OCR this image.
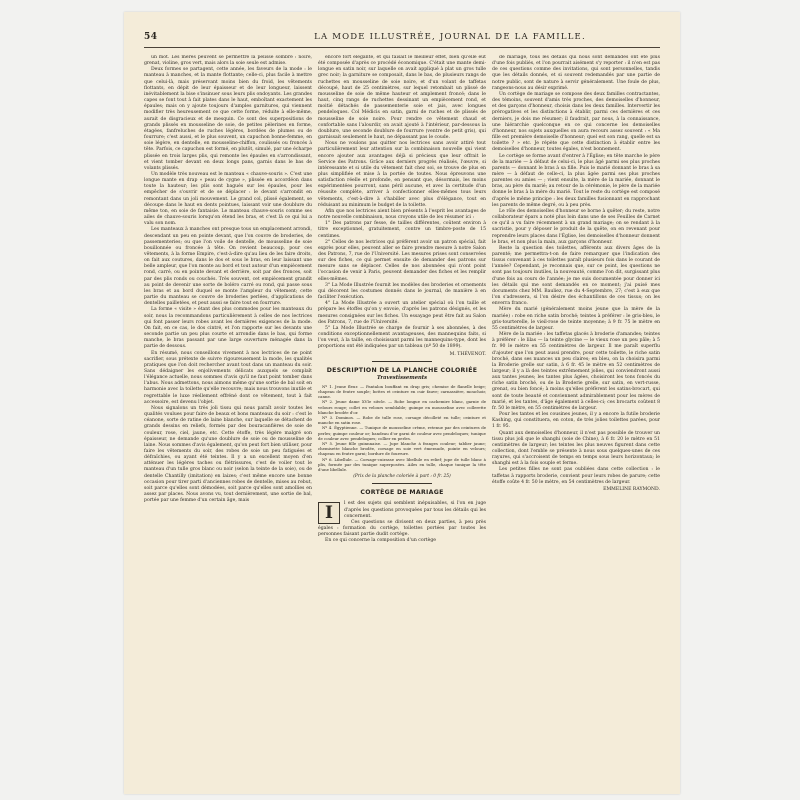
54	LA MODE ILLUSTRÉE, JOURNAL DE LA FAMILLE.

un mot. Les mères peuvent se permettre la pelisse sombre : noire, grenat, violine, gros vert, mais alors la soie seule est admise.

Deux formes se partagent, cette année, les faveurs de la mode : le manteau à manches, et la mante flottante; celle-ci, plus facile à mettre que celui-là, mais préservant moins bien du froid, les vêtements flottants, en dépit de leur épaisseur et de leur longueur, laissent inévitablement la bise s'insinuer sous leurs plis ondoyants. Les grandes capes se font tout à fait plates dans le haut, emboîtant exactement les épaules; mais on y ajoute toujours d'amples garnitures, qui viennent modifier très heureusement ce que cette forme, réduite à elle-même, aurait de disgracieux et de mesquin. Ce sont des superpositions de grands plissés en mousseline de soie, de petites pèlerines en forme, étagées, fanfreluches de ruches légères, bordées de plumes ou de fourrure; c'est aussi, et le plus souvent, un capuchon bonne-femme, en soie légère, en dentelle, en mousseline-chiffon, coulissés ou froncés à tête. Parfois, ce capuchon est formé, en plutôt, simulé, par une écharpe plissée en trois larges plis, qui remonte les épaules en s'arrondissant, et vient tomber devant en deux longs pans, garnis dans le bas de volants plissés.

Un modèle très nouveau est le manteau « chauve-souris ». C'est une longue mante en drap « peau de cygne », plissée en accordéon dans toute la hauteur; les plis sont bagués sur les épaules, pour les empêcher de s'ouvrir et de se déplacer : le devant s'arrondit en remontant dans un joli mouvement. Le grand col, plissé également, se découpe dans le haut en dents pointues, laissant voir une doublure du même ton, en soie de fantaisie. Le manteau chauve-souris comme ses ailes de chauve-souris lorsqu'on étend les bras, et c'est là ce qui lui a valu son nom.

Les manteaux à manches ont presque tous un emplacement arrondi, descendant un peu en pointe devant, que l'on couvre de broderies, de passementeries; ou que l'on voile de dentelle, de mousseline de soie bouillonnée ou froncée à tête. On revient beaucoup, pour ces vêtements, à la forme Empire, c'est-à-dire qu'au lieu de les faire droits, on fait aux coutures, dans le dos et sous le bras, en leur laissant une belle ampleur, que l'on monte au bord et tout autour d'un empiècement rond, carré, ou en pointe devant et derrière, soit par des fronces, soit par des plis ronds ou couchés. Très souvent, cet empiècement grandit au point de devenir une sorte de boléro carré ou rond, qui passe sous les bras et au bord duquel se monte l'ampleur du vêtement; cette partie du manteau se couvre de broderies perlées, d'applications de dentelles pailletées, et peut aussi se faire tout en fourrure.

La forme « visite » étant des plus commodes pour les manteaux du soir, nous la recommandons particulièrement à celles de nos lectrices qui font passer leurs robes avant les dernières exigences de la mode. On fait, en ce cas, le dos cintré, et l'on rapporte sur les devants une seconde partie un peu plus courte et arrondie dans le bas, qui forme manche, le bras passant par une large ouverture ménagée dans la partie de dessous.

En résumé, nous conseillons vivement à nos lectrices de ne point sacrifier, sous prétexte de suivre rigoureusement la mode, les qualités pratiques que l'on doit rechercher avant tout dans un manteau du soir. Sans dédaigner les enjolivements délicats auxquels se complaît l'élégance actuelle, nous sommes d'avis qu'il ne faut point tomber dans l'abus. Nous admettons, nous aimons même qu'une sortie de bal soit en harmonie avec la toilette qu'elle recouvre; mais nous trouvons inutile et regrettable le luxe réellement effréné dont ce vêtement, tout à fait accessoire, est devenu l'objet.

Nous signalons un très joli tissu qui nous paraît avoir toutes les qualités voulues pour faire de beaux et bons manteaux du soir : c'est le céanone, sorte de ratine de laine blanche, sur laquelle se détachent de grands dessins en reliefs, formés par des bouracanfières de soie de couleur, rose, ciel, jaune, etc. Cette étoffe, très légère malgré son épaisseur, ne demande qu'une doublure de soie ou de mousseline de laine. Nous sommes d'avis également, qu'on peut fort bien utiliser, pour faire les vêtements du soir, des robes de soie un peu fatiguées et défraîchies, ou ayant été teintes. Il y a un excellent moyen d'en atténuer les légères taches ou flétrissures, c'est de voiler tout le manteau d'un tulle gros blanc ou noir (selon la teinte de la soie), ou de dentelle Chantilly (imitation) en laizes; c'est même encore une bonne occasion pour tirer parti d'anciennes robes de dentelle, mises au rebut, soit parce qu'elles sont démodées, soit parce qu'elles sont amollies en assez par places. Nous avons vu, tout dernièrement, une sortie de bal, portée par une femme d'un certain âge, mais

encore fort élégante, et qui faisait le meilleur effet, bien qu'elle eût été composée d'après ce procédé économique. C'était une mante demi-longue en satin noir, sur laquelle on avait appliqué à plat un gros tulle grec noir; la garniture se composait, dans le bas, de plusieurs rangs de ruchettes en mousseline de soie noire, et d'un volant de taffetas découpé, haut de 25 centimètres, sur lequel retombait un plissé de mousseline de soie de même hauteur et amplement froncé; dans le haut, cinq rangs de ruchettes dessinant un empiècement rond, et moitié détachés de passementerie soie et jais, avec longues pendeloques. Col Médicis en satin, garni de ruches et de plissés de mousseline de soie noire. Pour rendre ce vêtement chaud et confortable sans l'alourdir, on avait ajouté à l'intérieur, par-dessous la doublure, une seconde doublure de fourrure (ventre de petit gris), qui garnissait seulement le haut, ne dépassant pas le coude.

Nous ne voulons pas quitter nos lectrices sans avoir attiré tout particulièrement leur attention sur la combinaison nouvelle qui vient encore ajouter aux avantages déjà si précieux que leur offrait le Service des Patrons. Grâce aux derniers progrès réalisés, l'œuvre, si intéressante et si utile du vêtement fait chez soi, se trouve de plus en plus simplifiée et mise à la portée de toutes. Nous épreuvons une satisfaction réelle et profonde, en pensant que, désormais, les moins expérimentées pourront, sans péril aucune, et avec la certitude d'un réussite complète, arriver à confectionner elles-mêmes tous leurs vêtements, c'est-à-dire à s'habiller avec plus d'élégance, tout en réduisant au minimum le budget de la toilette.

Afin que nos lectrices aient bien présents à l'esprit les avantages de notre nouvelle combinaison, nous croyons utile de les résumer ici :

1° Des patrons par fesse, de tailles différentes, coûtent environ à titre exceptionnel, gratuitement, contre un timbre-poste de 15 centimes.

2° Celles de nos lectrices qui préfèrent avoir un patron spécial, fait exprès pour elles, peuvent aller se faire prendre mesure à notre Salon des Patrons, 7, rue de l'Université. Les mesures prises sont conservées sur des fiches, ce qui permet ensuite de demander des patrons sur mesure sans se déplacer. Celles de nos abonnées qui n'ont point l'occasion de venir à Paris, peuvent demander des fiches et les remplir elles-mêmes.

3° La Mode Illustrée fournit les modèles des broderies et ornements qui décorent les costumes donnés dans le journal, de manière à en faciliter l'exécution.

4° La Mode Illustrée a ouvert un atelier spécial où l'on taille et prépare les étoffes qu'on y envoie, d'après les patrons désignés, et les mesures consignées sur les fiches. Un essayage peut être fait au Salon des Patrons, 7, rue de l'Université.

5° La Mode Illustrée se charge de fournir à ses abonnées, à des conditions exceptionnellement avantageuses, des mannequins faits, si l'on veut, à la taille, en choisissant parmi les mannequins-type, dont les proportions ont été indiquées par un tableau (nº 50 de 1899).

M. THÉVENOT.

DESCRIPTION DE LA PLANCHE COLORIÉE
Travestissements

Nº 1. Jeune fleur. — Pantalon bouffant en drap gris; chemise de flanelle beige; chapeau de feutre souple; bottes et ceinture en cuir fauve; carnassière, mouchoir, canne.

Nº 2. Jeune dame XVIe siècle. — Robe longue en cachemire blanc, garnie de velours rouge; collet en velours semblable; guimpe en mousseline avec collerette blanche brodée d'or.

Nº 3. Dominos. — Robe de tulle rose, corsage décolleté en tulle; ceinture et manche en satin rose.

Nº 4. Égyptienne. — Tunique de mousseline crème, retenue par des ceintures de perles; guimpe couleur or; bandeau d'or garni de couleur avec pendeloques; tunique de couleur avec pendeloques; collier en perles.

Nº 5. Jeune fille guinnnaise. — Jupe blanche à franges couleur; tablier jaune; chemisette blanche brodée, corsage en soie vert émeraude, pointe en velours; chapeau en feutre garni; bordure de fourrure.

Nº 6. Libellule. — Corsage-cuirasse avec libellule en relief; jupe de tulle blanc à plis, formée par des tunique superposées. Ailes en tulle, chaque tunique la tête d'une libellule.

(Prix de la planche coloriée à part : 0 fr. 25)
CORTÈGE DE MARIAGE
I	l est des sujets qui semblent inépuisables, si l'on en juge d'après les questions provoquées par tous les détails qui les concernent.

Ces questions se divisent en deux parties, à peu près égales : formation du cortège, toilettes portées par toutes les personnes faisant partie dudit cortège.

En ce qui concerne la composition d'un cortège

de mariage, tous les détails qui nous sont demandés ont été plus d'une fois publiés, et l'on pourrait aisément s'y reporter : il n'en est pas de ces questions comme des invitations, qui sont personnelles, tandis que les détails donnés, et si souvent redemandés par une partie de notre public, sont de nature à servir généralement. Une foule de plus, rangeons-nous au désir exprimé.

Un cortège de mariage se compose des deux familles contractantes, des témoins, souvent d'amis très proches, des demoiselles d'honneur, et des garçons d'honneur, choisis dans les deux familles. Intervertir les prérogatives et les distinctions à établir, parmi ces dernières et ces derniers, je dois me résumer; il faudrait, par nous, à la connaissance, une hiérarchie quelconque en ce qui concerne les demoiselles d'honneur, nos sujets auxquelles on aura recours assez souvent : « Ma fille est première demoiselle d'honneur; quel est son rang, quelle est sa toilette ? » etc. Je répète que cette distinction à établir entre les demoiselles d'honneur, toutes égales, n'est bonnement.

Le cortège se forme avant d'entrer à l'Église; en tête marche le père de la mariée — à défaut de celui-ci, le plus âgé parmi ses plus proches parents — donnant le bras à sa fille. Puis le marié donnant le bras à sa mère — à défaut de celle-ci, la plus âgée parmi ses plus proches parentes ou amies — ; vient ensuite, la mère de la mariée, donnant le bras, au père du marié; au retour de la cérémonie, le père de la mariée donne le bras à la mère du marié. Tout le reste du cortège est composé d'après le même principe : les deux familles fusionnant en rapprochant les parents de même degré, ou à peu près.

Le rôle des demoiselles d'honneur se borne à quêter; du reste, notre collaborateur épars a noté plus loin dans une de ses Feuilles de Carnet ce qu'il a vu faire récemment à un grand mariage; on se rendant à la sacristie, pour y déposer le produit de la quête, on en revenant pour reprendre leurs places dans l'Église, les demoiselles d'honneur donnent le bras, et non plus la main, aux garçons d'honneur.

Reste la question des toilettes, afférents aux divers âges de la parenté; me permettra-t-on de faire remarquer que l'indication des tissus convenant à ces toilettes paraît plusieurs fois dans le courant de l'année? Cependant, je reconnais que, sur ce point, les questions ne sont pas toujours inutiles, la nouveauté, comme l'on dit, surgissant plus d'une fois au cours de l'année; je me suis documentée pour donner ici les détails qui me sont demandés en ce moment; j'ai puisé mes documents chez MM. Bauliez, rue du 4-Septembre, 27; c'est à eux que l'on s'adressera, si l'on désire des échantillons de ces tissus; on les enverra franco.

Mère du marié (généralement moins jeune que la mère de la mariée) : robe en riche satin broché; teintes à préférer : le gris-bleu, le gris-tourterelle, le vieil-rose de teinte moyenne; à 9 fr. 75 le mètre en 55 centimètres de largeur.

Mère de la mariée : les taffetas glacés à broderie d'amandes; teintes à préférer : le lilas — la teinte glycine — le vieux rose un peu pâle; à 5 fr. 90 le mètre en 55 centimètres de largeur. Il me paraît superflu d'ajouter que l'on peut aussi prendre, pour cette toilette, le riche satin broché, dans ses nuances un peu claires; en bleu, on la choisira parmi la Broderie grelle sur satin, à 6 fr. 45 le mètre en 52 centimètres de largeur; il y a là des teintes extrêmement jolies, qui conviendront aussi aux tantes jeunes; les tantes plus âgées, choisiront les tons foncés du riche satin broché, ou de la Broderie grelle, sur satin, en vert-russe, grenat, ou bien foncé; à moins qu'elles préfèrent les satins-brocart, qui sont de toute beauté et conviennent admirablement pour les mères de marié, et les tantes, d'âge également à celles-ci; ces brocarts coûtent 8 fr. 50 le mètre, en 55 centimètres de largeur.

Pour les tantes et les cousines jeunes, il y a encore la futile broderie Kashing, qui constituera, en coton, de très jolies toilettes parées, pour 1 fr. 95.

Quant aux demoiselles d'honneur, il n'est pas possible de trouver un tissu plus joli que le shanghi (soie de Chine), à 6 fr. 20 le mètre en 51 centimètres de largeur; les teintes les plus neuves figurent dans cette collection, dont l'emble se présente à nous sous quelques-unes de ces rayures, qui s'accroisent de temps en temps sous leurs horizontaux; le shanghi est à la fois souple et ferme.

Les petites filles ne sont pas oubliées dans cette collection : le taffetas à rapports broderie, convient pour leurs robes de parure; cette étoffe coûte 4 fr. 50 le mètre, en 54 centimètres de largeur.

EMMELINE RAYMOND.
